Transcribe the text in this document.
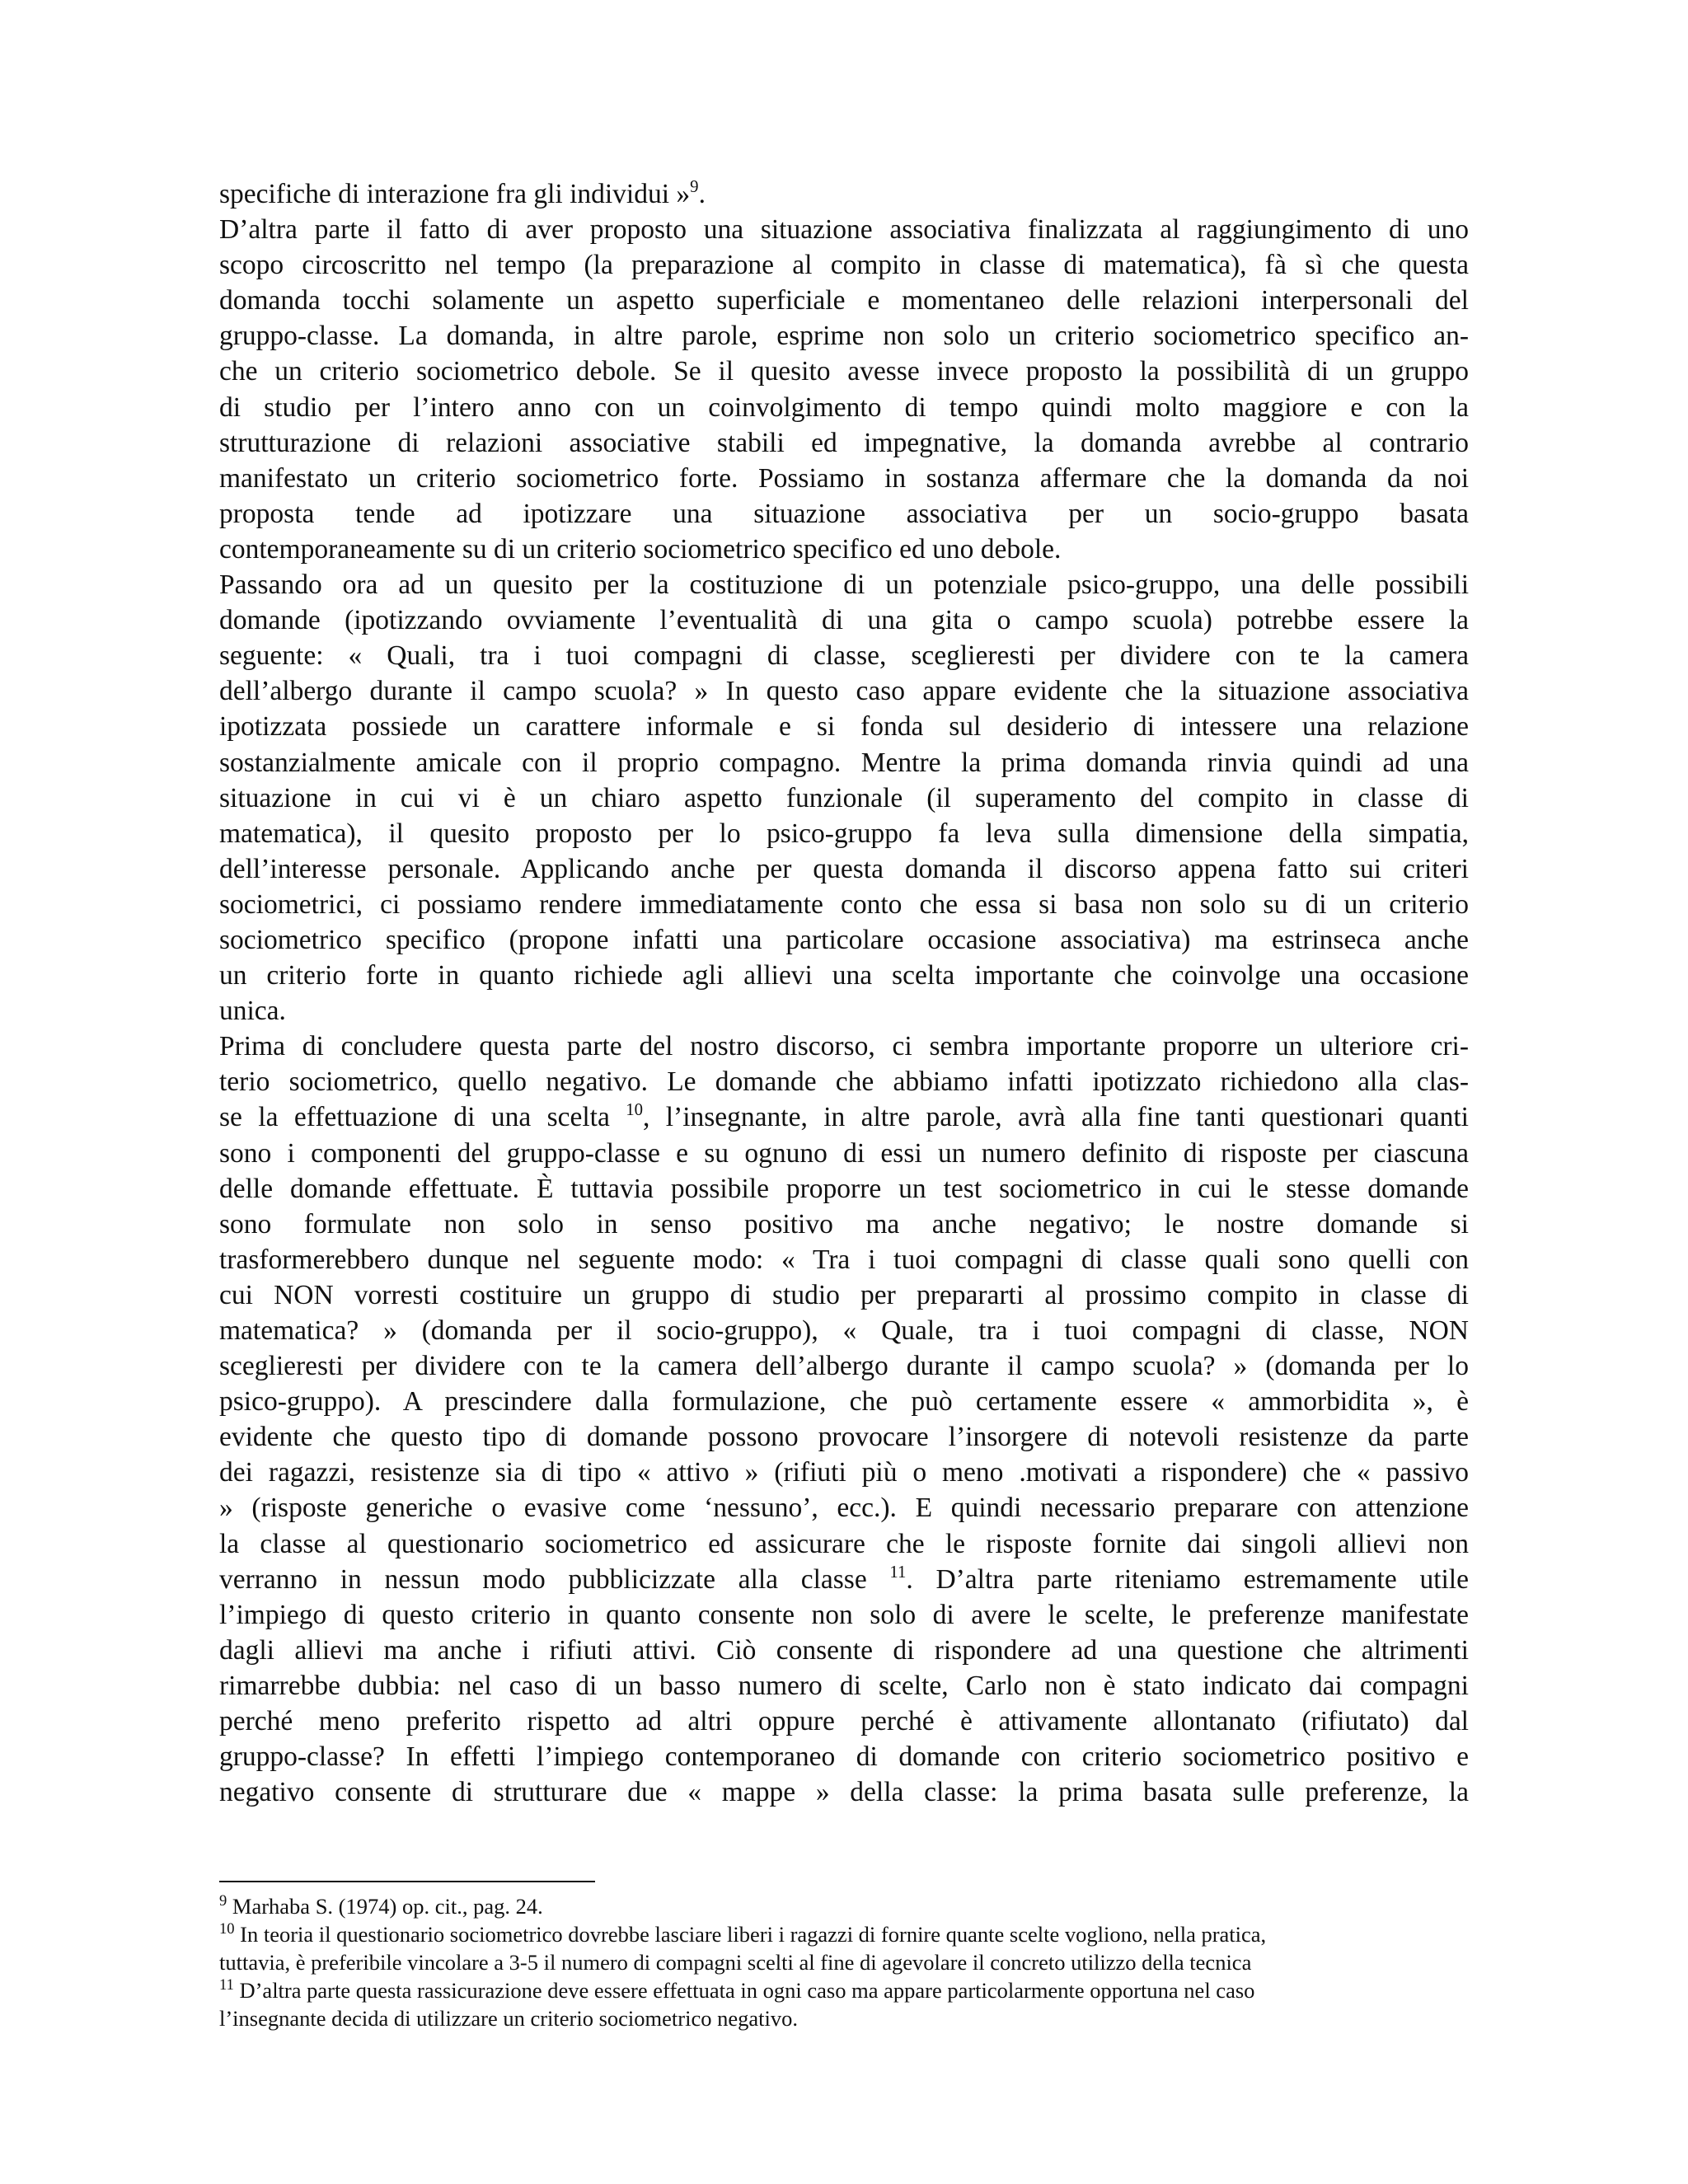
specifiche di interazione fra gli individui »$^9$.
D’altra parte il fatto di aver proposto una situazione associativa finalizzata al raggiungimento di uno
scopo circoscritto nel tempo (la preparazione al compito in classe di matematica), fà sì che questa
domanda tocchi solamente un aspetto superficiale e momentaneo delle relazioni interpersonali del
gruppo-classe. La domanda, in altre parole, esprime non solo un criterio sociometrico specifico an-
che un criterio sociometrico debole. Se il quesito avesse invece proposto la possibilità di un gruppo
di studio per l’intero anno con un coinvolgimento di tempo quindi molto maggiore e con la
strutturazione di relazioni associative stabili ed impegnative, la domanda avrebbe al contrario
manifestato un criterio sociometrico forte. Possiamo in sostanza affermare che la domanda da noi
proposta tende ad ipotizzare una situazione associativa per un socio-gruppo basata
contemporaneamente su di un criterio sociometrico specifico ed uno debole.
Passando ora ad un quesito per la costituzione di un potenziale psico-gruppo, una delle possibili
domande (ipotizzando ovviamente l’eventualità di una gita o campo scuola) potrebbe essere la
seguente: « Quali, tra i tuoi compagni di classe, sceglieresti per dividere con te la camera
dell’albergo durante il campo scuola? » In questo caso appare evidente che la situazione associativa
ipotizzata possiede un carattere informale e si fonda sul desiderio di intessere una relazione
sostanzialmente amicale con il proprio compagno. Mentre la prima domanda rinvia quindi ad una
situazione in cui vi è un chiaro aspetto funzionale (il superamento del compito in classe di
matematica), il quesito proposto per lo psico-gruppo fa leva sulla dimensione della simpatia,
dell’interesse personale. Applicando anche per questa domanda il discorso appena fatto sui criteri
sociometrici, ci possiamo rendere immediatamente conto che essa si basa non solo su di un criterio
sociometrico specifico (propone infatti una particolare occasione associativa) ma estrinseca anche
un criterio forte in quanto richiede agli allievi una scelta importante che coinvolge una occasione
unica.
Prima di concludere questa parte del nostro discorso, ci sembra importante proporre un ulteriore cri-
terio sociometrico, quello negativo. Le domande che abbiamo infatti ipotizzato richiedono alla clas-
se la effettuazione di una scelta $^{10}$, l’insegnante, in altre parole, avrà alla fine tanti questionari quanti
sono i componenti del gruppo-classe e su ognuno di essi un numero definito di risposte per ciascuna
delle domande effettuate. È tuttavia possibile proporre un test sociometrico in cui le stesse domande
sono formulate non solo in senso positivo ma anche negativo; le nostre domande si
trasformerebbero dunque nel seguente modo: « Tra i tuoi compagni di classe quali sono quelli con
cui NON vorresti costituire un gruppo di studio per prepararti al prossimo compito in classe di
matematica? » (domanda per il socio-gruppo), « Quale, tra i tuoi compagni di classe, NON
sceglieresti per dividere con te la camera dell’albergo durante il campo scuola? » (domanda per lo
psico-gruppo). A prescindere dalla formulazione, che può certamente essere « ammorbidita », è
evidente che questo tipo di domande possono provocare l’insorgere di notevoli resistenze da parte
dei ragazzi, resistenze sia di tipo « attivo » (rifiuti più o meno .motivati a rispondere) che « passivo
» (risposte generiche o evasive come ‘nessuno’, ecc.). E quindi necessario preparare con attenzione
la classe al questionario sociometrico ed assicurare che le risposte fornite dai singoli allievi non
verranno in nessun modo pubblicizzate alla classe $^{11}$. D’altra parte riteniamo estremamente utile
l’impiego di questo criterio in quanto consente non solo di avere le scelte, le preferenze manifestate
dagli allievi ma anche i rifiuti attivi. Ciò consente di rispondere ad una questione che altrimenti
rimarrebbe dubbia: nel caso di un basso numero di scelte, Carlo non è stato indicato dai compagni
perché meno preferito rispetto ad altri oppure perché è attivamente allontanato (rifiutato) dal
gruppo-classe? In effetti l’impiego contemporaneo di domande con criterio sociometrico positivo e
negativo consente di strutturare due « mappe » della classe: la prima basata sulle preferenze, la
$^9$ Marhaba S. (1974) op. cit., pag. 24.
$^{10}$ In teoria il questionario sociometrico dovrebbe lasciare liberi i ragazzi di fornire quante scelte vogliono, nella pratica,
tuttavia, è preferibile vincolare a 3-5 il numero di compagni scelti al fine di agevolare il concreto utilizzo della tecnica
$^{11}$ D’altra parte questa rassicurazione deve essere effettuata in ogni caso ma appare particolarmente opportuna nel caso
l’insegnante decida di utilizzare un criterio sociometrico negativo.
